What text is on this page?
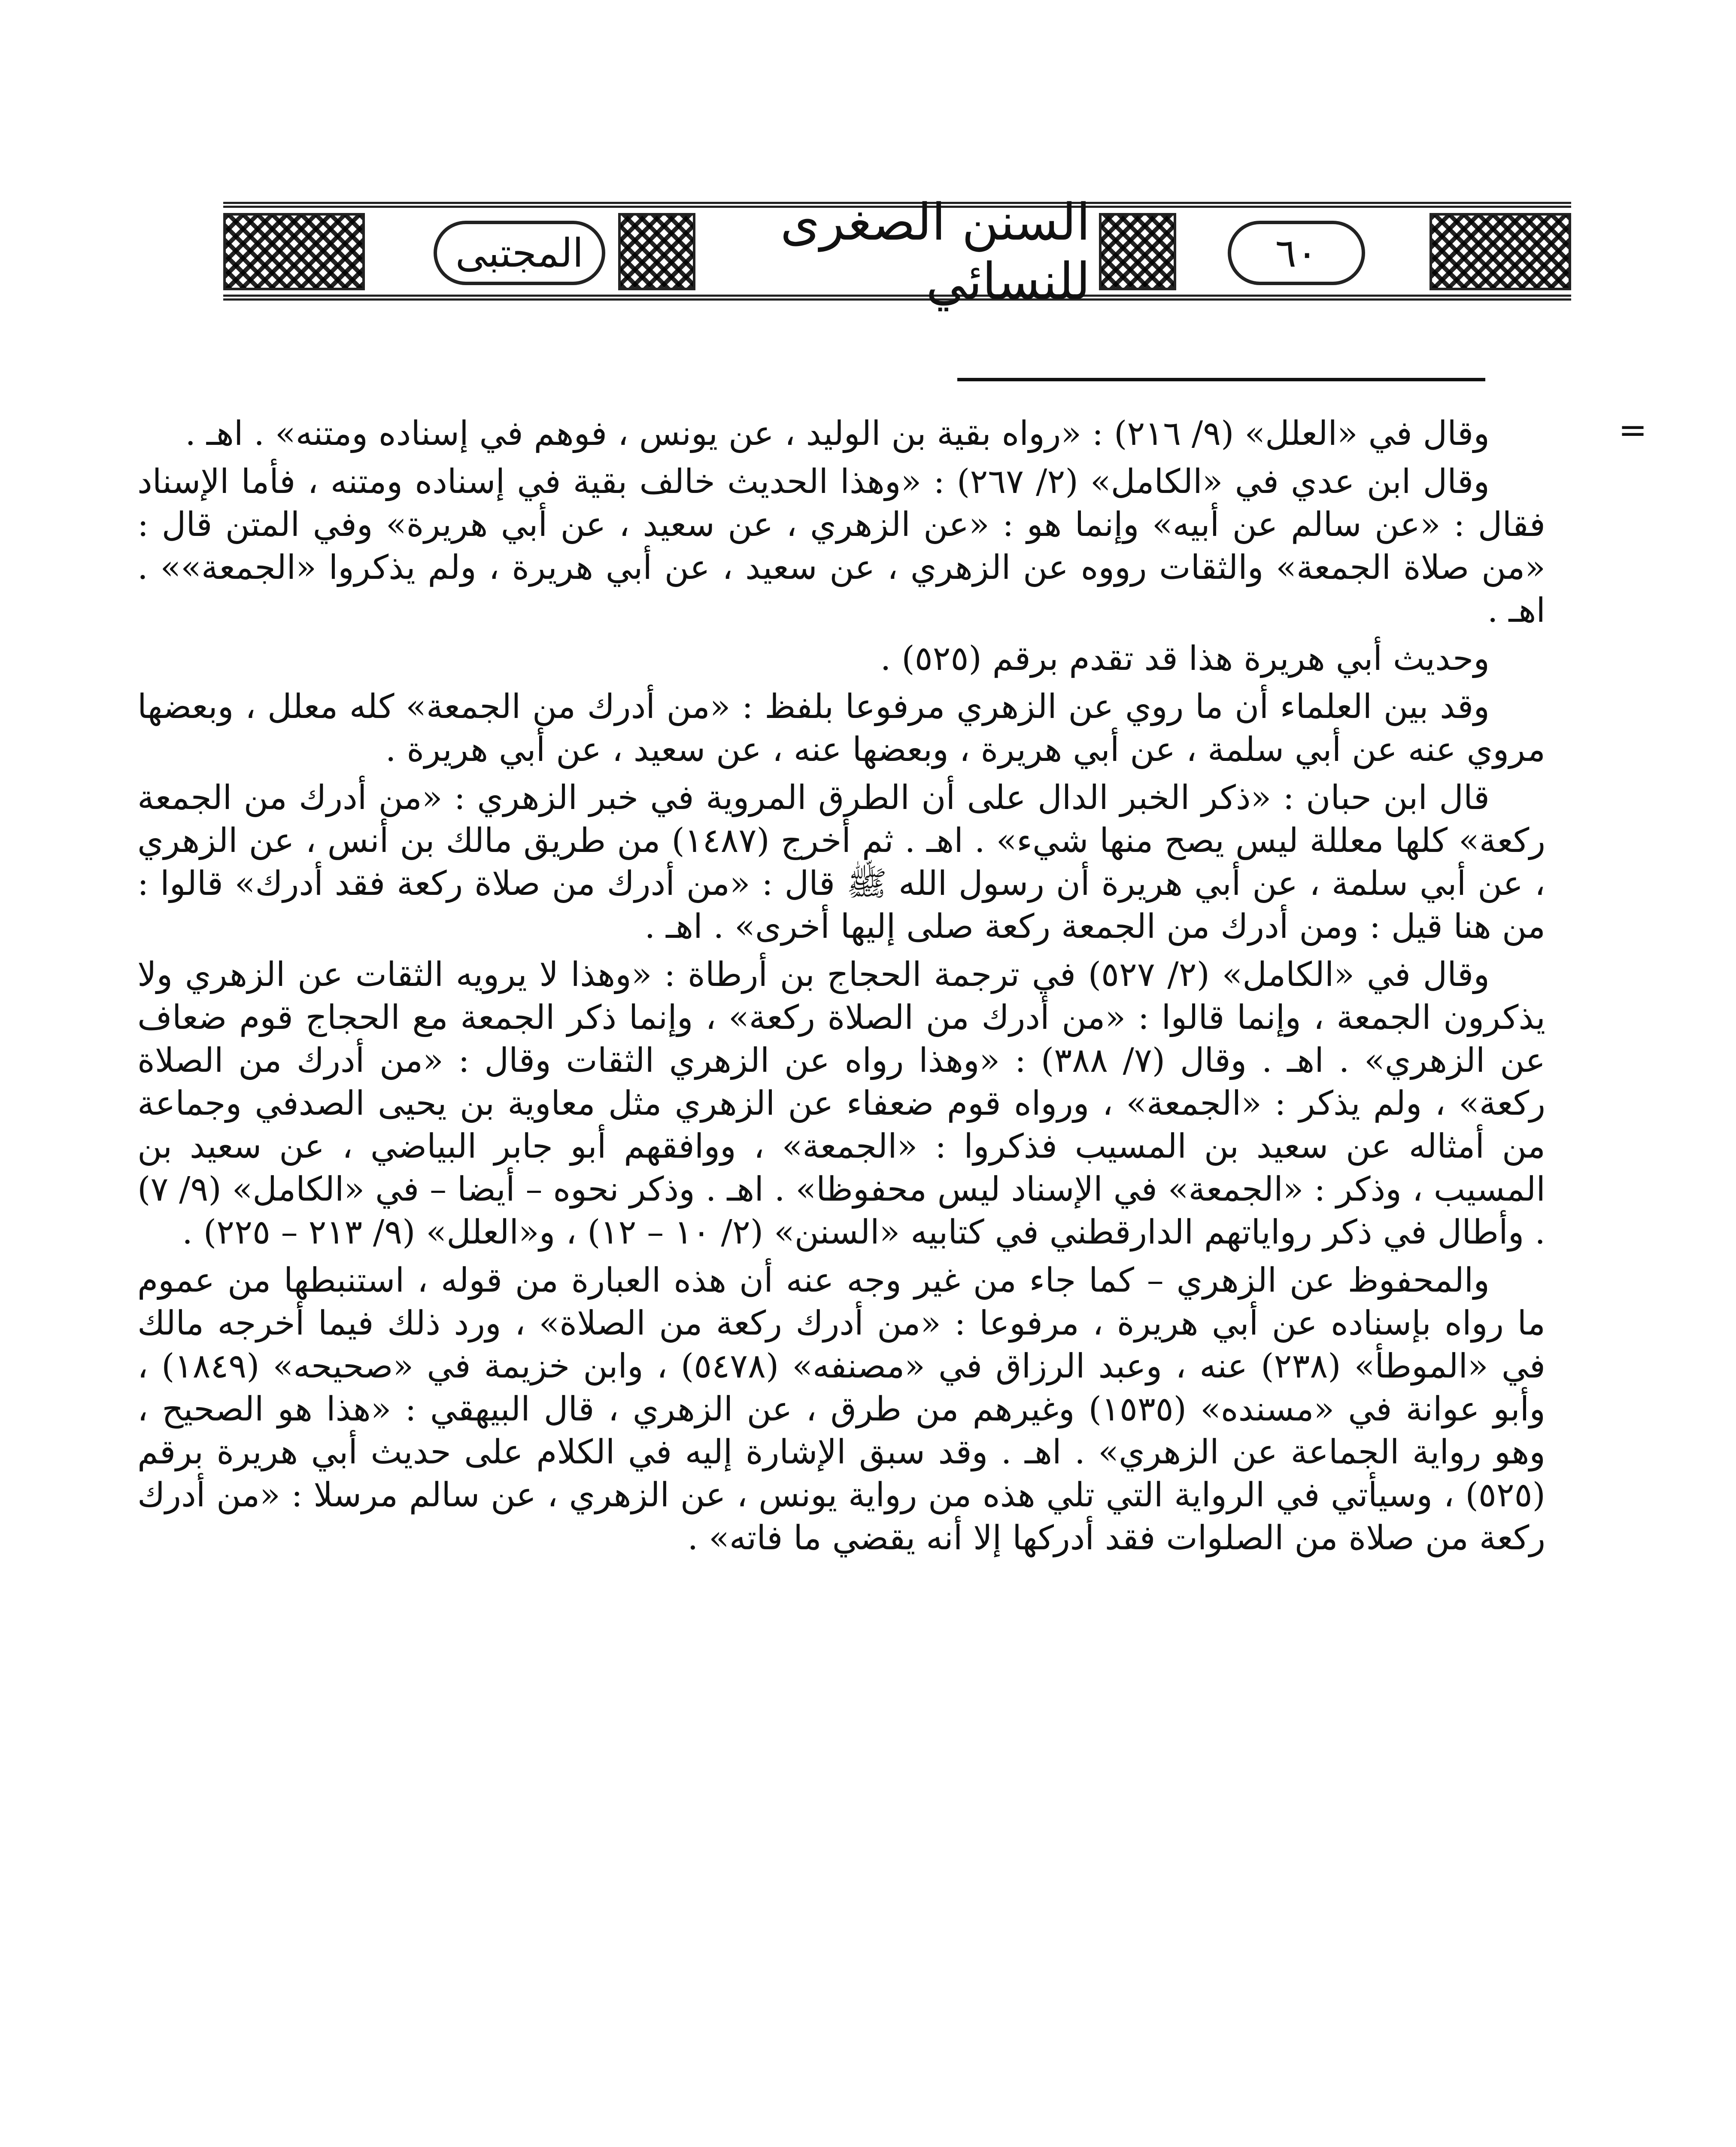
المجتبى
السنن الصغرى للنسائي	٦٠
=

وقال في «العلل» (٩/ ٢١٦) : «رواه بقية بن الوليد ، عن يونس ، فوهم في إسناده ومتنه» . اهـ .

وقال ابن عدي في «الكامل» (٢/ ٢٦٧) : «وهذا الحديث خالف بقية في إسناده ومتنه ، فأما الإسناد فقال : «عن سالم عن أبيه» وإنما هو : «عن الزهري ، عن سعيد ، عن أبي هريرة» وفي المتن قال : «من صلاة الجمعة» والثقات رووه عن الزهري ، عن سعيد ، عن أبي هريرة ، ولم يذكروا «الجمعة»» . اهـ .

وحديث أبي هريرة هذا قد تقدم برقم (٥٢٥) .

وقد بين العلماء أن ما روي عن الزهري مرفوعا بلفظ : «من أدرك من الجمعة» كله معلل ، وبعضها مروي عنه عن أبي سلمة ، عن أبي هريرة ، وبعضها عنه ، عن سعيد ، عن أبي هريرة .

قال ابن حبان : «ذكر الخبر الدال على أن الطرق المروية في خبر الزهري : «من أدرك من الجمعة ركعة» كلها معللة ليس يصح منها شيء» . اهـ . ثم أخرج (١٤٨٧) من طريق مالك بن أنس ، عن الزهري ، عن أبي سلمة ، عن أبي هريرة أن رسول الله ﷺ قال : «من أدرك من صلاة ركعة فقد أدرك» قالوا : من هنا قيل : ومن أدرك من الجمعة ركعة صلى إليها أخرى» . اهـ .

وقال في «الكامل» (٢/ ٥٢٧) في ترجمة الحجاج بن أرطاة : «وهذا لا يرويه الثقات عن الزهري ولا يذكرون الجمعة ، وإنما قالوا : «من أدرك من الصلاة ركعة» ، وإنما ذكر الجمعة مع الحجاج قوم ضعاف عن الزهري» . اهـ . وقال (٧/ ٣٨٨) : «وهذا رواه عن الزهري الثقات وقال : «من أدرك من الصلاة ركعة» ، ولم يذكر : «الجمعة» ، ورواه قوم ضعفاء عن الزهري مثل معاوية بن يحيى الصدفي وجماعة من أمثاله عن سعيد بن المسيب فذكروا : «الجمعة» ، ووافقهم أبو جابر البياضي ، عن سعيد بن المسيب ، وذكر : «الجمعة» في الإسناد ليس محفوظا» . اهـ . وذكر نحوه – أيضا – في «الكامل» (٩/ ٧) . وأطال في ذكر رواياتهم الدارقطني في كتابيه «السنن» (٢/ ١٠ – ١٢) ، و«العلل» (٩/ ٢١٣ – ٢٢٥) .

والمحفوظ عن الزهري – كما جاء من غير وجه عنه أن هذه العبارة من قوله ، استنبطها من عموم ما رواه بإسناده عن أبي هريرة ، مرفوعا : «من أدرك ركعة من الصلاة» ، ورد ذلك فيما أخرجه مالك في «الموطأ» (٢٣٨) عنه ، وعبد الرزاق في «مصنفه» (٥٤٧٨) ، وابن خزيمة في «صحيحه» (١٨٤٩) ، وأبو عوانة في «مسنده» (١٥٣٥) وغيرهم من طرق ، عن الزهري ، قال البيهقي : «هذا هو الصحيح ، وهو رواية الجماعة عن الزهري» . اهـ . وقد سبق الإشارة إليه في الكلام على حديث أبي هريرة برقم (٥٢٥) ، وسيأتي في الرواية التي تلي هذه من رواية يونس ، عن الزهري ، عن سالم مرسلا : «من أدرك ركعة من صلاة من الصلوات فقد أدركها إلا أنه يقضي ما فاته» .
